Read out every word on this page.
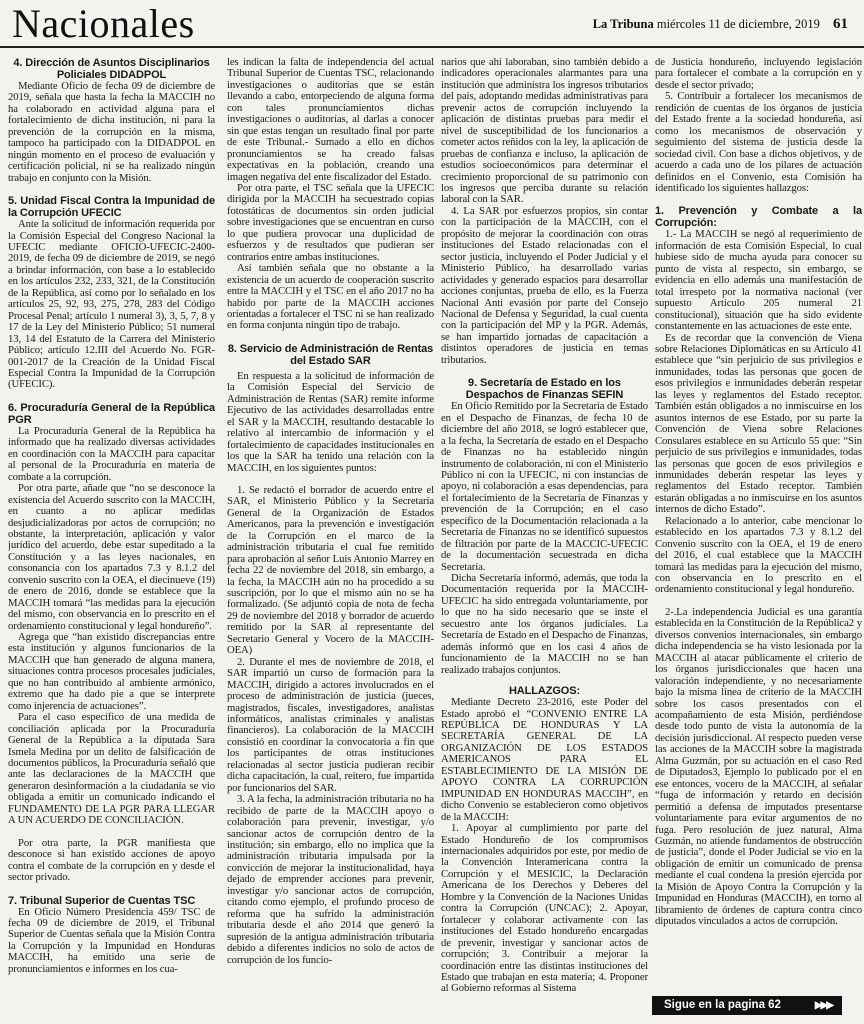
Nacionales	La Tribuna miércoles 11 de diciembre, 2019 61
4. Dirección de Asuntos Disciplinarios Policiales DIDADPOL

Mediante Oficio de fecha 09 de diciembre de 2019, señala que hasta la fecha la MACCIH no ha colaborado en actividad alguna para el fortalecimiento de dicha institución, ni para la prevención de la corrupción en la misma, tampoco ha participado con la DIDADPOL en ningún momento en el proceso de evaluación y certificación policial, ni se ha realizado ningún trabajo en conjunto con la Misión.

5. Unidad Fiscal Contra la Impunidad de la Corrupción UFECIC

Ante la solicitud de información requerida por la Comisión Especial del Congreso Nacional la UFECIC mediante OFICIO-UFECIC-2400-2019, de fecha 09 de diciembre de 2019, se negó a brindar información, con base a lo establecido en los artículos 232, 233, 321, de la Constitución de la República, así como por lo señalado en los artículos 25, 92, 93, 275, 278, 283 del Código Procesal Penal; artículo 1 numeral 3), 3, 5, 7, 8 y 17 de la Ley del Ministerio Público; 51 numeral 13, 14 del Estatuto de la Carrera del Ministerio Público; artículo 12.III del Acuerdo No. FGR-001-2017 de la Creación de la Unidad Fiscal Especial Contra la Impunidad de la Corrupción (UFECIC).

6. Procuraduría General de la República PGR

La Procuraduría General de la República ha informado que ha realizado diversas actividades en coordinación con la MACCIH para capacitar al personal de la Procuraduría en materia de combate a la corrupción.

Por otra parte, añade que “no se desconoce la existencia del Acuerdo suscrito con la MACCIH, en cuanto a no aplicar medidas desjudicializadoras por actos de corrupción; no obstante, la interpretación, aplicación y valor jurídico del acuerdo, debe estar supeditado a la Constitución y a las leyes nacionales, en consonancia con los apartados 7.3 y 8.1.2 del convenio suscrito con la OEA, el diecinueve (19) de enero de 2016, donde se establece que la MACCIH tomará “las medidas para la ejecución del mismo, con observancia en lo prescrito en el ordenamiento constitucional y legal hondureño”.

Agrega que “han existido discrepancias entre esta institución y algunos funcionarios de la MACCIH que han generado de alguna manera, situaciones contra procesos procesales judiciales, que no han contribuido al ambiente armónico, extremo que ha dado pie a que se interprete como injerencia de actuaciones”.

Para el caso específico de una medida de conciliación aplicada por la Procuraduría General de la República a la diputada Sara Ismela Medina por un delito de falsificación de documentos públicos, la Procuraduría señaló que ante las declaraciones de la MACCIH que generaron desinformación a la ciudadanía se vio obligada a emitir un comunicado indicando el FUNDAMENTO DE LA PGR PARA LLEGAR A UN ACUERDO DE CONCILIACIÓN.

Por otra parte, la PGR manifiesta que desconoce si han existido acciones de apoyo contra el combate de la corrupción en y desde el sector privado.

7. Tribunal Superior de Cuentas TSC

En Oficio Número Presidencia 459/ TSC de fecha 09 de diciembre de 2019, el Tribunal Superior de Cuentas señala que la Misión Contra la Corrupción y la Impunidad en Honduras MACCIH, ha emitido una serie de pronunciamientos e informes en los cua-

les indican la falta de independencia del actual Tribunal Superior de Cuentas TSC, relacionando investigaciones o auditorías que se están llevando a cabo, entorpeciendo de alguna forma con tales pronunciamientos dichas investigaciones o auditorías, al darlas a conocer sin que estas tengan un resultado final por parte de este Tribunal.- Sumado a ello en dichos pronunciamientos se ha creado falsas expectativas en la población, creando una imagen negativa del ente fiscalizador del Estado.

Por otra parte, el TSC señala que la UFECIC dirigida por la MACCIH ha secuestrado copias fotostáticas de documentos sin orden judicial sobre investigaciones que se encuentran en curso lo que pudiera provocar una duplicidad de esfuerzos y de resultados que pudieran ser contrarios entre ambas instituciones.

Así también señala que no obstante a la existencia de un acuerdo de cooperación suscrito entre la MACCIH y el TSC en el año 2017 no ha habido por parte de la MACCIH acciones orientadas a fortalecer el TSC ni se han realizado en forma conjunta ningún tipo de trabajo.

8. Servicio de Administración de Rentas del Estado SAR

En respuesta a la solicitud de información de la Comisión Especial del Servicio de Administración de Rentas (SAR) remite informe Ejecutivo de las actividades desarrolladas entre el SAR y la MACCIH, resultando destacable lo relativo al intercambio de información y el fortalecimiento de capacidades institucionales en los que la SAR ha tenido una relación con la MACCIH, en los siguientes puntos:

1. Se redactó el borrador de acuerdo entre el SAR, el Ministerio Público y la Secretaría General de la Organización de Estados Americanos, para la prevención e investigación de la Corrupción en el marco de la administración tributaria el cual fue remitido para aprobación al señor Luis Antonio Marrey en fecha 22 de noviembre del 2018, sin embargo, a la fecha, la MACCIH aún no ha procedido a su suscripción, por lo que el mismo aún no se ha formalizado. (Se adjuntó copia de nota de fecha 29 de noviembre del 2018 y borrador de acuerdo remitido por la SAR al representante del Secretario General y Vocero de la MACCIH-OEA)

2. Durante el mes de noviembre de 2018, el SAR impartió un curso de formación para la MACCIH, dirigido a actores involucrados en el proceso de administración de justicia (jueces, magistrados, fiscales, investigadores, analistas informáticos, analistas criminales y analistas financieros). La colaboración de la MACCIH consistió en coordinar la convocatoria a fin que los participantes de otras instituciones relacionadas al sector justicia pudieran recibir dicha capacitación, la cual, reitero, fue impartida por funcionarios del SAR.

3. A la fecha, la administración tributaria no ha recibido de parte de la MACCIH apoyo o colaboración para prevenir, investigar, y/o sancionar actos de corrupción dentro de la institución; sin embargo, ello no implica que la administración tributaria impulsada por la convicción de mejorar la institucionalidad, haya dejado de emprender acciones para prevenir, investigar y/o sancionar actos de corrupción, citando como ejemplo, el profundo proceso de reforma que ha sufrido la administración tributaria desde el año 2014 que generó la supresión de la antigua administración tributaria debido a diferentes indicios no solo de actos de corrupción de los funcio-

narios que ahí laboraban, sino también debido a indicadores operacionales alarmantes para una institución que administra los ingresos tributarios del país, adoptando medidas administrativas para prevenir actos de corrupción incluyendo la aplicación de distintas pruebas para medir el nivel de susceptibilidad de los funcionarios a cometer actos reñidos con la ley, la aplicación de pruebas de confianza e incluso, la aplicación de estudios socioeconómicos para determinar el crecimiento proporcional de su patrimonio con los ingresos que perciba durante su relación laboral con la SAR.

4. La SAR por esfuerzos propios, sin contar con la participación de la MACCIH, con el propósito de mejorar la coordinación con otras instituciones del Estado relacionadas con el sector justicia, incluyendo el Poder Judicial y el Ministerio Público, ha desarrollado varias actividades y generado espacios para desarrollar acciones conjuntas, prueba de ello, es la Fuerza Nacional Anti evasión por parte del Consejo Nacional de Defensa y Seguridad, la cual cuenta con la participación del MP y la PGR. Además, se han impartido jornadas de capacitación a distintos operadores de justicia en temas tributarios.

9. Secretaría de Estado en los Despachos de Finanzas SEFIN

En Oficio Remitido por la Secretaría de Estado en el Despacho de Finanzas, de fecha 10 de diciembre del año 2018, se logró establecer que, a la fecha, la Secretaría de estado en el Despacho de Finanzas no ha establecido ningún instrumento de colaboración, ni con el Ministerio Público ni con la UFECIC, ni con instancias de apoyo, ni colaboración a esas dependencias, para el fortalecimiento de la Secretaría de Finanzas y prevención de la Corrupción; en el caso específico de la Documentación relacionada a la Secretaría de Finanzas no se identificó supuestos de filtración por parte de la MACCIC-UFECIC de la documentación secuestrada en dicha Secretaría.

Dicha Secretaría informó, además, que toda la Documentación requerida por la MACCIH-UFECIC ha sido entregada voluntariamente, por lo que no ha sido necesario que se inste el secuestro ante los órganos judiciales. La Secretaría de Estado en el Despacho de Finanzas, además informó que en los casi 4 años de funcionamiento de la MACCIH no se han realizado trabajos conjuntos.

HALLAZGOS:

Mediante Decreto 23-2016, este Poder del Estado aprobó el “CONVENIO ENTRE LA REPÚBLICA DE HONDURAS Y LA SECRETARÍA GENERAL DE LA ORGANIZACIÓN DE LOS ESTADOS AMERICANOS PARA EL ESTABLECIMIENTO DE LA MISIÓN DE APOYO CONTRA LA CORRUPCIÓN IMPUNIDAD EN HONDURAS MACCIH”, en dicho Convenio se establecieron como objetivos de la MACCIH:

1. Apoyar al cumplimiento por parte del Estado Hondureño de los compromisos internacionales adquiridos por este, por medio de la Convención Interamericana contra la Corrupción y el MESICIC, la Declaración Americana de los Derechos y Deberes del Hombre y la Convención de la Naciones Unidas contra la Corrupción (UNCAC); 2. Apoyar, fortalecer y colaborar activamente con las instituciones del Estado hondureño encargadas de prevenir, investigar y sancionar actos de corrupción; 3. Contribuir a mejorar la coordinación entre las distintas instituciones del Estado que trabajan en esta materia; 4. Proponer al Gobierno reformas al Sistema

de Justicia hondureño, incluyendo legislación para fortalecer el combate a la corrupción en y desde el sector privado;

5. Contribuir a fortalecer los mecanismos de rendición de cuentas de los órganos de justicia del Estado frente a la sociedad hondureña, así como los mecanismos de observación y seguimiento del sistema de justicia desde la sociedad civil. Con base a dichos objetivos, y de acuerdo a cada uno de los pilares de actuación definidos en el Convenio, esta Comisión ha identificado los siguientes hallazgos:

1. Prevención y Combate a la Corrupción:

1.- La MACCIH se negó al requerimiento de información de esta Comisión Especial, lo cual hubiese sido de mucha ayuda para conocer su punto de vista al respecto, sin embargo, se evidencia en ello además una manifestación de total irrespeto por la normativa nacional (ver supuesto Artículo 205 numeral 21 constitucional), situación que ha sido evidente constantemente en las actuaciones de este ente.

Es de recordar que la convención de Viena sobre Relaciones Diplomáticas en su Artículo 41 establece que “sin perjuicio de sus privilegios e inmunidades, todas las personas que gocen de esos privilegios e inmunidades deberán respetar las leyes y reglamentos del Estado receptor. También están obligados a no inmiscuirse en los asuntos internos de ese Estado, por su parte la Convención de Viena sobre Relaciones Consulares establece en su Artículo 55 que: “Sin perjuicio de sus privilegios e inmunidades, todas las personas que gocen de esos privilegios e inmunidades deberán respetar las leyes y reglamentos del Estado receptor. También estarán obligadas a no inmiscuirse en los asuntos internos de dicho Estado”.

Relacionado a lo anterior, cabe mencionar lo establecido en los apartados 7.3 y 8.1.2 del Convenio suscrito con la OEA, el 19 de enero del 2016, el cual establece que la MACCIH tomará las medidas para la ejecución del mismo, con observancia en lo prescrito en el ordenamiento constitucional y legal hondureño.

2-.La independencia Judicial es una garantía establecida en la Constitución de la República2 y diversos convenios internacionales, sin embargo dicha independencia se ha visto lesionada por la MACCIH al atacar públicamente el criterio de los órganos jurisdiccionales que hacen una valoración independiente, y no necesariamente bajo la misma línea de criterio de la MACCIH sobre los casos presentados con el acompañamiento de esta Misión, perdiéndose desde todo punto de vista la autonomía de la decisión jurisdiccional. Al respecto pueden verse las acciones de la MACCIH sobre la magistrada Alma Guzmán, por su actuación en el caso Red de Diputados3, Ejemplo lo publicado por el en ese entonces, vocero de la MACCIH, al señalar “fuga de información y retardo en decisión permitió a defensa de imputados presentarse voluntariamente para evitar argumentos de no fuga. Pero resolución de juez natural, Alma Guzmán, no atiende fundamentos de obstrucción de justicia”, donde el Poder Judicial se vio en la obligación de emitir un comunicado de prensa mediante el cual condena la presión ejercida por la Misión de Apoyo Contra la Corrupción y la Impunidad en Honduras (MACCIH), en torno al libramiento de órdenes de captura contra cinco diputados vinculados a actos de corrupción.

Sigue en la pagina 62	▶▶▶
